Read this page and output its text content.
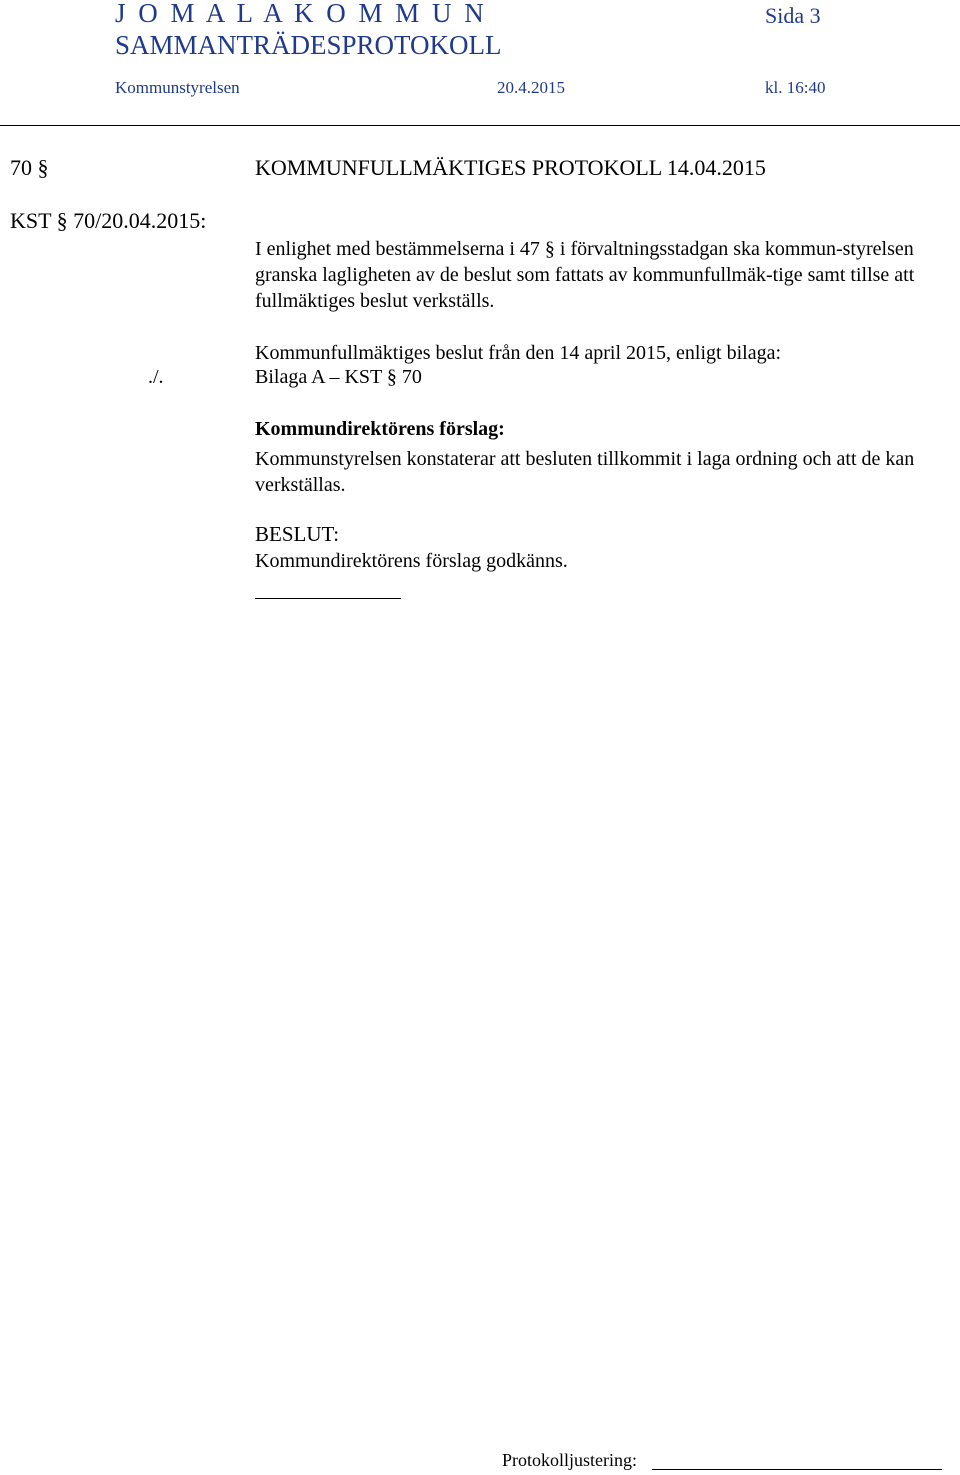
J O M A L A K O M M U N
SAMMANTRÄDESPROTOKOLL
Sida 3
Kommunstyrelsen	20.4.2015	kl. 16:40
70 §	KOMMUNFULLMÄKTIGES PROTOKOLL 14.04.2015
KST § 70/20.04.2015:
I enlighet med bestämmelserna i 47 § i förvaltningsstadgan ska kommun-styrelsen granska lagligheten av de beslut som fattats av kommunfullmäk-tige samt tillse att fullmäktiges beslut verkställs.
Kommunfullmäktiges beslut från den 14 april 2015, enligt bilaga:
./.	Bilaga A – KST § 70
Kommundirektörens förslag:
Kommunstyrelsen konstaterar att besluten tillkommit i laga ordning och att de kan verkställas.
BESLUT:
Kommundirektörens förslag godkänns.
Protokolljustering:
